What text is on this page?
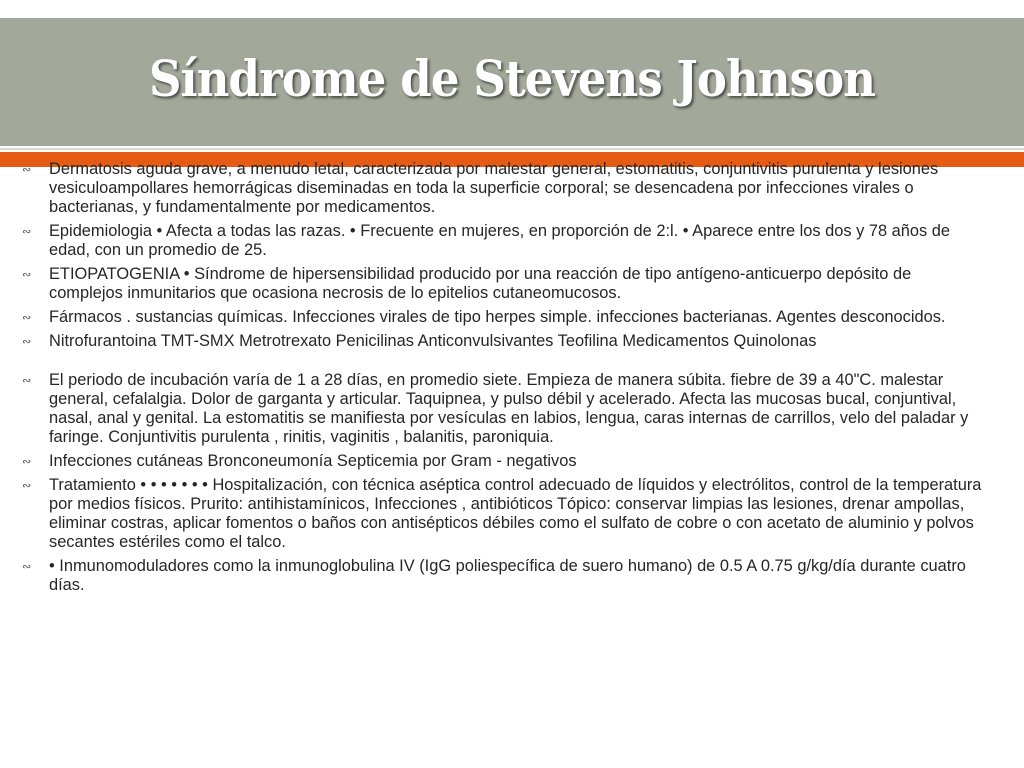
Síndrome de Stevens Johnson
∾	Dermatosis aguda grave, a menudo letal, caracterizada por malestar general, estomatitis, conjuntivitis purulenta y lesiones vesiculoampollares hemorrágicas diseminadas en toda la superficie corporal; se desencadena por infecciones virales o bacterianas, y fundamentalmente por medicamentos.
∾	Epidemiologia • Afecta a todas las razas. • Frecuente en mujeres, en proporción de 2:l. • Aparece entre los dos y 78 años de edad, con un promedio de 25.
∾	ETIOPATOGENIA • Síndrome de hipersensibilidad producido por una reacción de tipo antígeno-anticuerpo depósito de complejos inmunitarios que ocasiona necrosis de lo epitelios cutaneomucosos.
∾	Fármacos . sustancias químicas. Infecciones virales de tipo herpes simple. infecciones bacterianas. Agentes desconocidos.
∾	Nitrofurantoina TMT-SMX Metrotrexato Penicilinas Anticonvulsivantes Teofilina Medicamentos Quinolonas
∾	El periodo de incubación varía de 1 a 28 días, en promedio siete. Empieza de manera súbita. fiebre de 39 a 40"C. malestar general, cefalalgia. Dolor de garganta y articular. Taquipnea, y pulso débil y acelerado. Afecta las mucosas bucal, conjuntival, nasal, anal y genital. La estomatitis se manifiesta por vesículas en labios, lengua, caras internas de carrillos, velo del paladar y faringe. Conjuntivitis purulenta , rinitis, vaginitis , balanitis, paroniquia.
∾	Infecciones cutáneas Bronconeumonía Septicemia por Gram - negativos
∾	Tratamiento • • • • • • • Hospitalización, con técnica aséptica control adecuado de líquidos y electrólitos, control de la temperatura por medios físicos. Prurito: antihistamínicos, Infecciones , antibióticos Tópico: conservar limpias las lesiones, drenar ampollas, eliminar costras, aplicar fomentos o baños con antisépticos débiles como el sulfato de cobre o con acetato de aluminio y polvos secantes estériles como el talco.
∾	• Inmunomoduladores como la inmunoglobulina IV (IgG poliespecífica de suero humano) de 0.5 A 0.75 g/kg/día durante cuatro días.
